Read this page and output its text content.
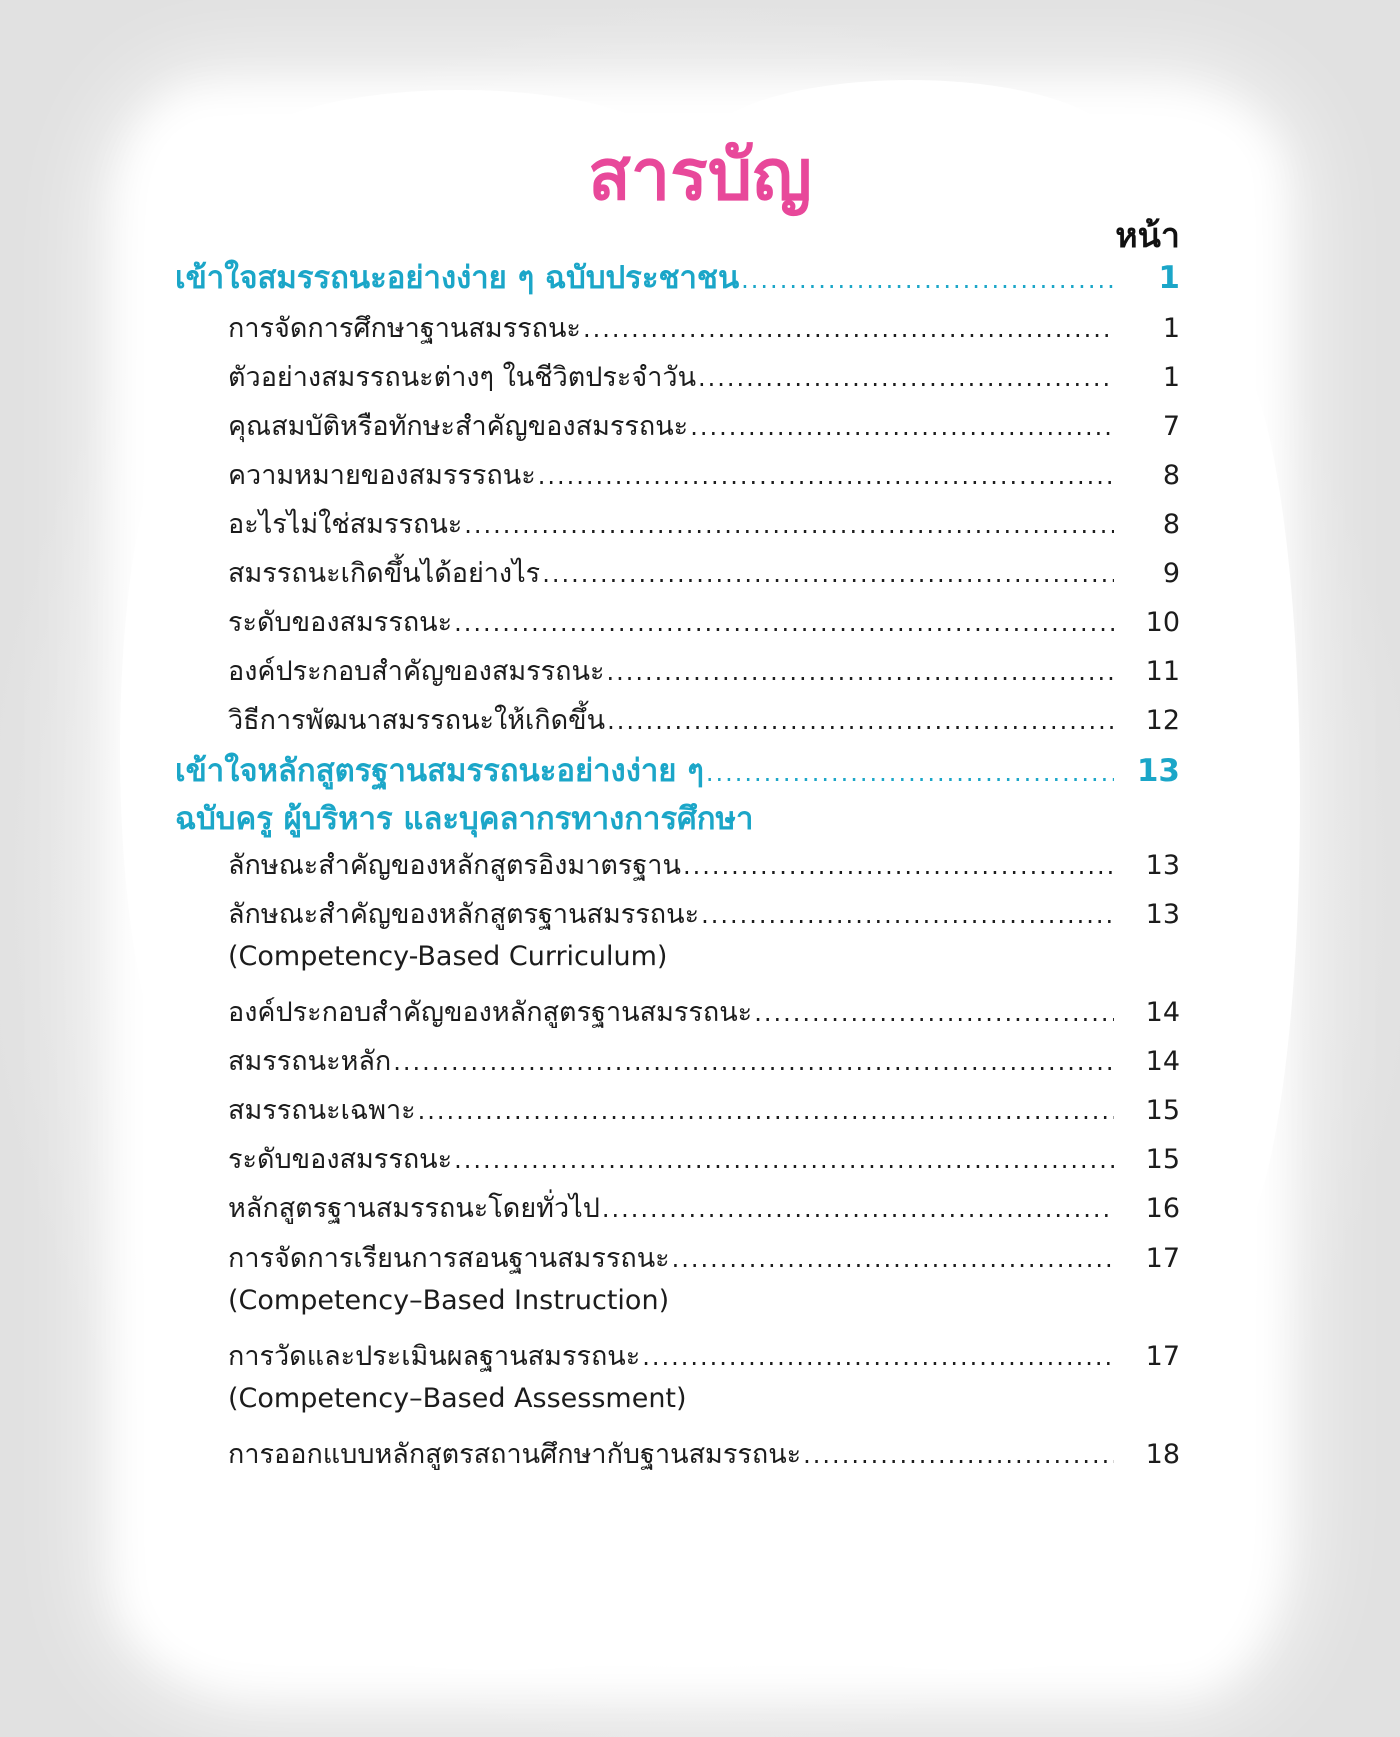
สารบัญ
หน้า
เข้าใจสมรรถนะอย่างง่าย ๆ ฉบับประชาชน .....	1
การจัดการศึกษาฐานสมรรถนะ .....	1
ตัวอย่างสมรรถนะต่างๆ ในชีวิตประจำวัน .....	1
คุณสมบัติหรือทักษะสำคัญของสมรรถนะ .....	7
ความหมายของสมรรรถนะ .....	8
อะไรไม่ใช่สมรรถนะ .....	8
สมรรถนะเกิดขึ้นได้อย่างไร .....	9
ระดับของสมรรถนะ .....	10
องค์ประกอบสำคัญของสมรรถนะ .....	11
วิธีการพัฒนาสมรรถนะให้เกิดขึ้น .....	12
เข้าใจหลักสูตรฐานสมรรถนะอย่างง่าย ๆ .....	13
ฉบับครู ผู้บริหาร และบุคลากรทางการศึกษา
ลักษณะสำคัญของหลักสูตรอิงมาตรฐาน .....	13
ลักษณะสำคัญของหลักสูตรฐานสมรรถนะ .....	13
(Competency-Based Curriculum)
องค์ประกอบสำคัญของหลักสูตรฐานสมรรถนะ .....	14
สมรรถนะหลัก .....	14
สมรรถนะเฉพาะ .....	15
ระดับของสมรรถนะ .....	15
หลักสูตรฐานสมรรถนะโดยทั่วไป .....	16
การจัดการเรียนการสอนฐานสมรรถนะ .....	17
(Competency–Based Instruction)
การวัดและประเมินผลฐานสมรรถนะ .....	17
(Competency–Based Assessment)
การออกแบบหลักสูตรสถานศึกษากับฐานสมรรถนะ .....	18
